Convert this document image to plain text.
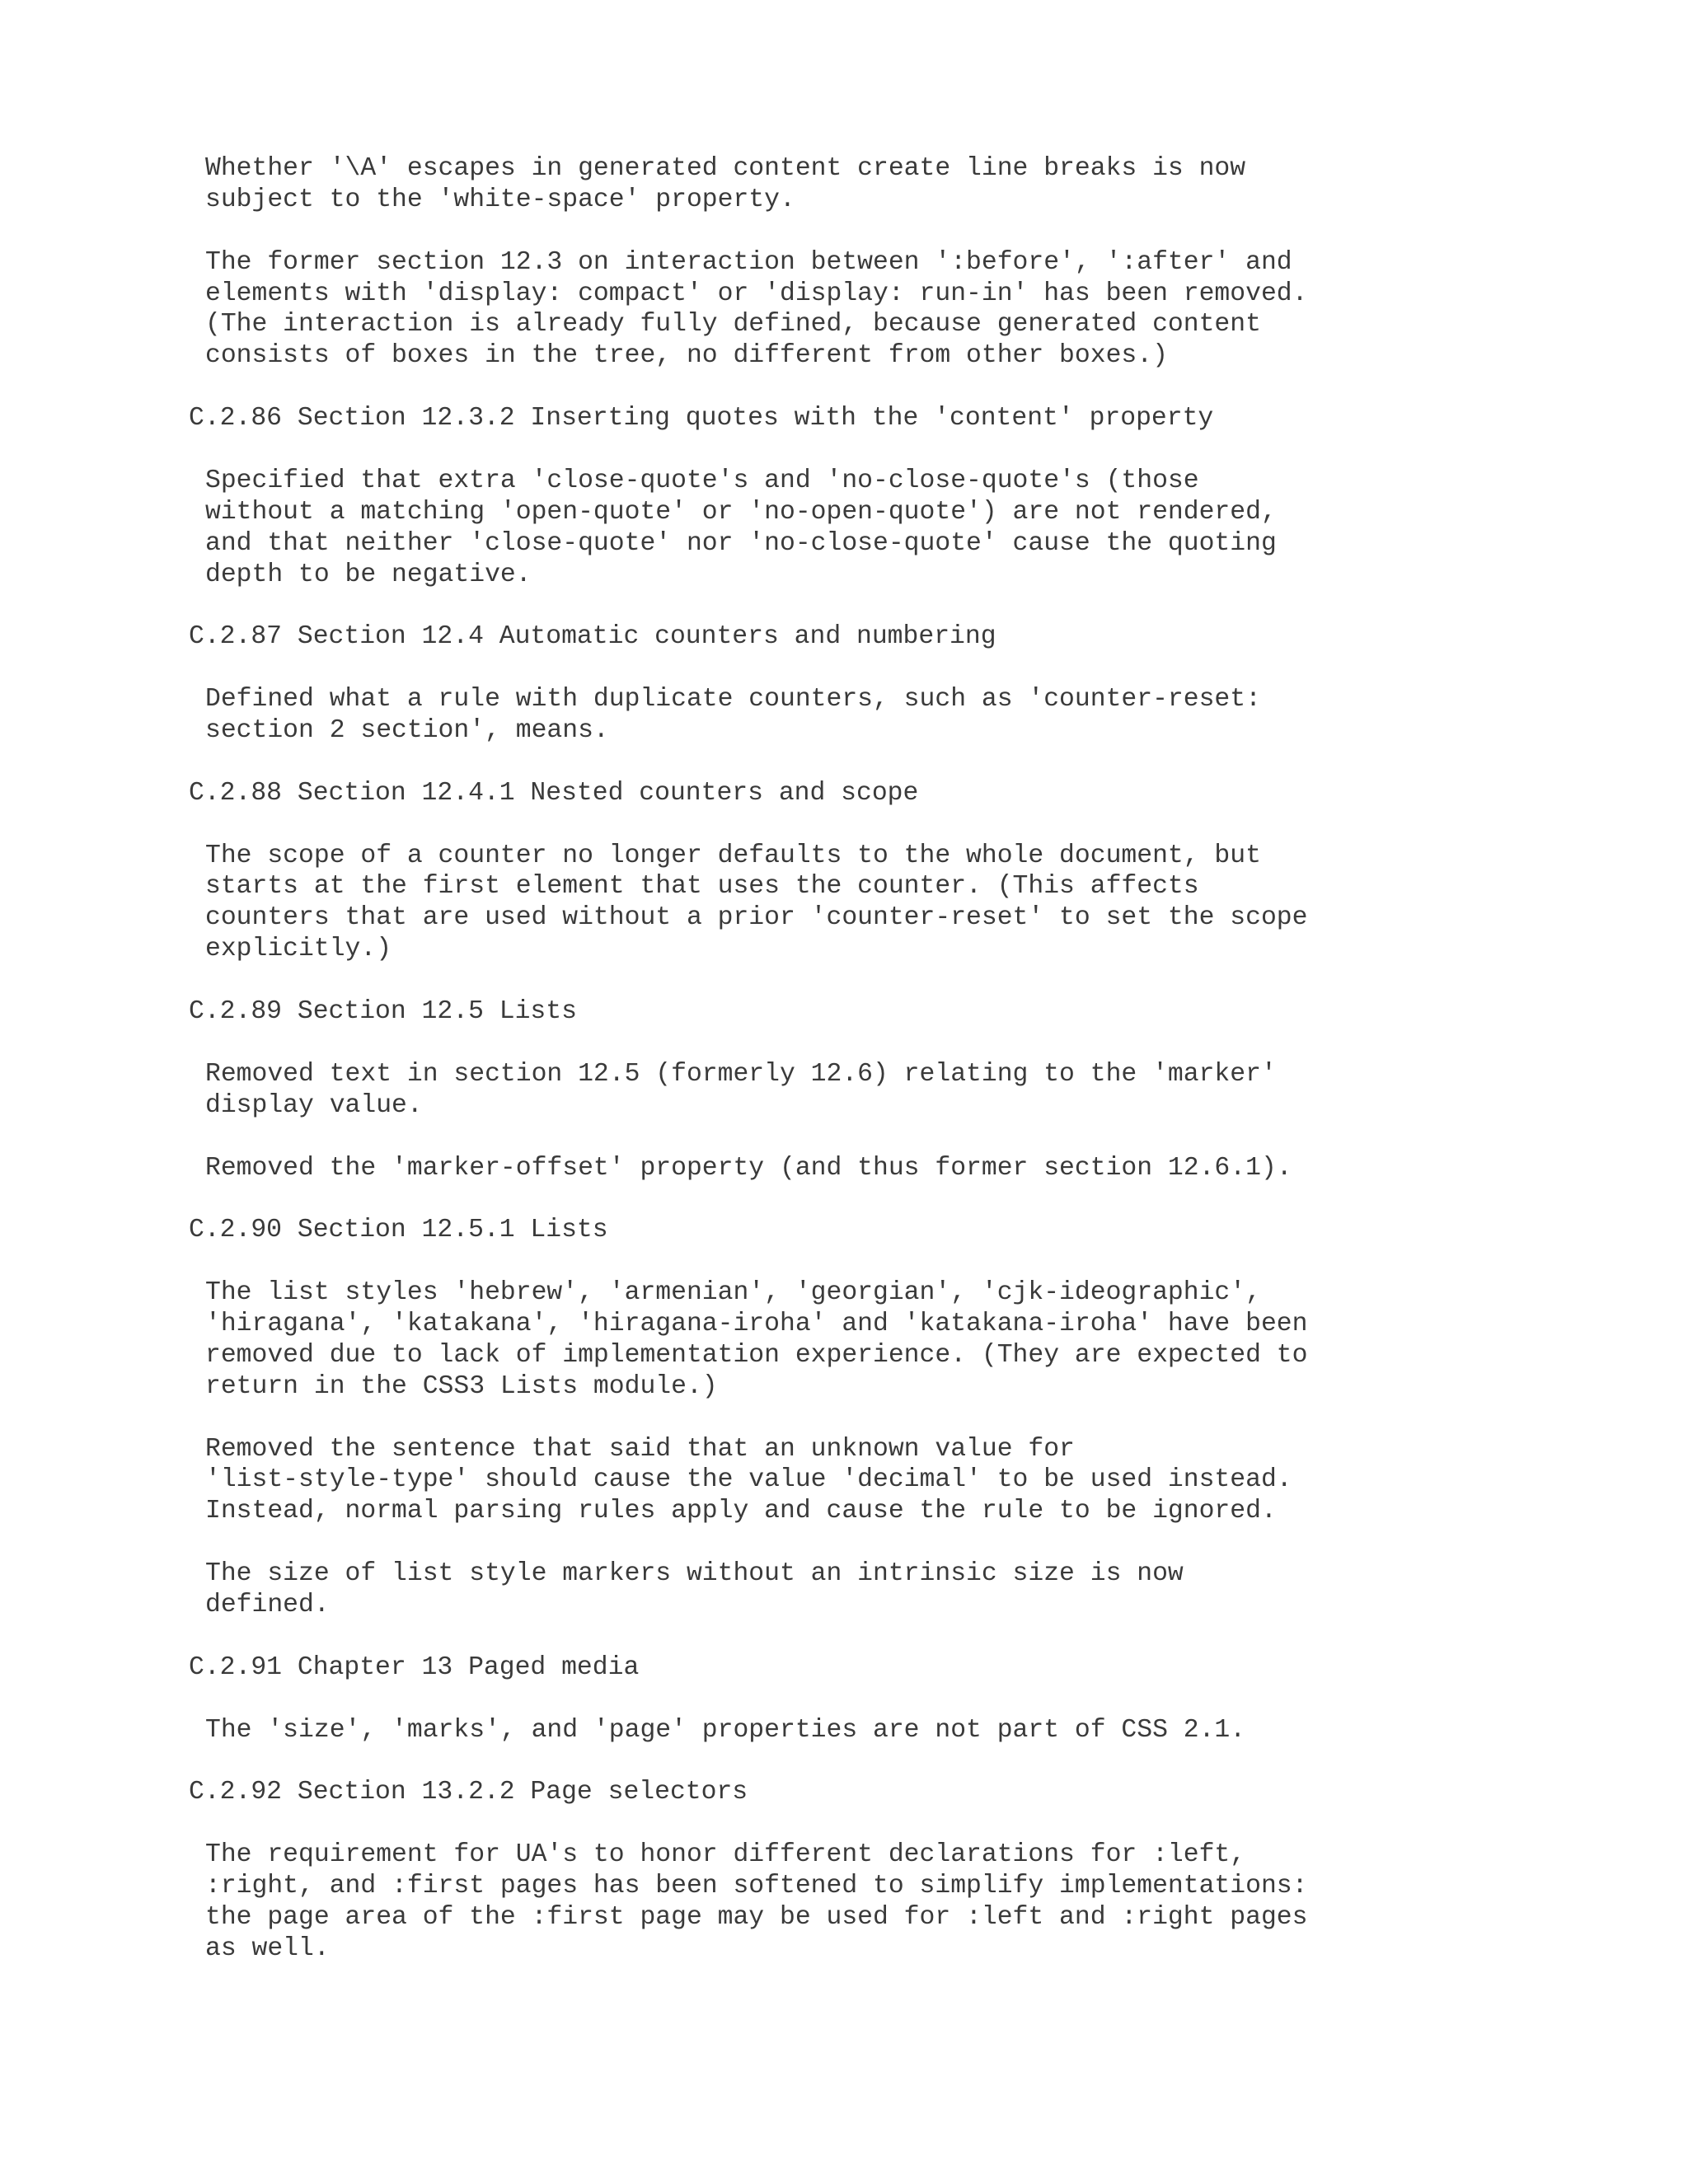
Whether '\A' escapes in generated content create line breaks is now
subject to the 'white-space' property.
The former section 12.3 on interaction between ':before', ':after' and
elements with 'display: compact' or 'display: run-in' has been removed.
(The interaction is already fully defined, because generated content
consists of boxes in the tree, no different from other boxes.)
C.2.86 Section 12.3.2 Inserting quotes with the 'content' property
Specified that extra 'close-quote's and 'no-close-quote's (those
without a matching 'open-quote' or 'no-open-quote') are not rendered,
and that neither 'close-quote' nor 'no-close-quote' cause the quoting
depth to be negative.
C.2.87 Section 12.4 Automatic counters and numbering
Defined what a rule with duplicate counters, such as 'counter-reset:
section 2 section', means.
C.2.88 Section 12.4.1 Nested counters and scope
The scope of a counter no longer defaults to the whole document, but
starts at the first element that uses the counter. (This affects
counters that are used without a prior 'counter-reset' to set the scope
explicitly.)
C.2.89 Section 12.5 Lists
Removed text in section 12.5 (formerly 12.6) relating to the 'marker'
display value.
Removed the 'marker-offset' property (and thus former section 12.6.1).
C.2.90 Section 12.5.1 Lists
The list styles 'hebrew', 'armenian', 'georgian', 'cjk-ideographic',
'hiragana', 'katakana', 'hiragana-iroha' and 'katakana-iroha' have been
removed due to lack of implementation experience. (They are expected to
return in the CSS3 Lists module.)
Removed the sentence that said that an unknown value for
'list-style-type' should cause the value 'decimal' to be used instead.
Instead, normal parsing rules apply and cause the rule to be ignored.
The size of list style markers without an intrinsic size is now
defined.
C.2.91 Chapter 13 Paged media
The 'size', 'marks', and 'page' properties are not part of CSS 2.1.
C.2.92 Section 13.2.2 Page selectors
The requirement for UA's to honor different declarations for :left,
:right, and :first pages has been softened to simplify implementations:
the page area of the :first page may be used for :left and :right pages
as well.
